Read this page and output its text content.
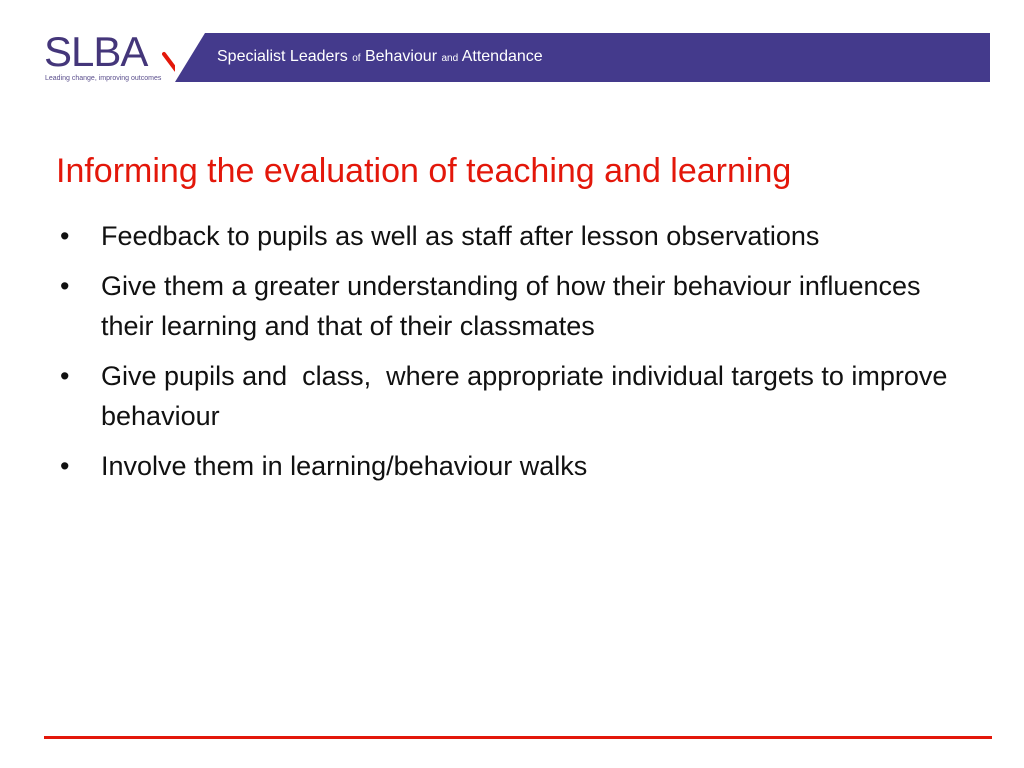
SLBA
Leading change, improving outcomes
Specialist Leaders of Behaviour and Attendance
Informing the evaluation of teaching and learning
• Feedback to pupils as well as staff after lesson observations
• Give them a greater understanding of how their behaviour influences their learning and that of their classmates
• Give pupils and  class,  where appropriate individual targets to improve behaviour
• Involve them in learning/behaviour walks
